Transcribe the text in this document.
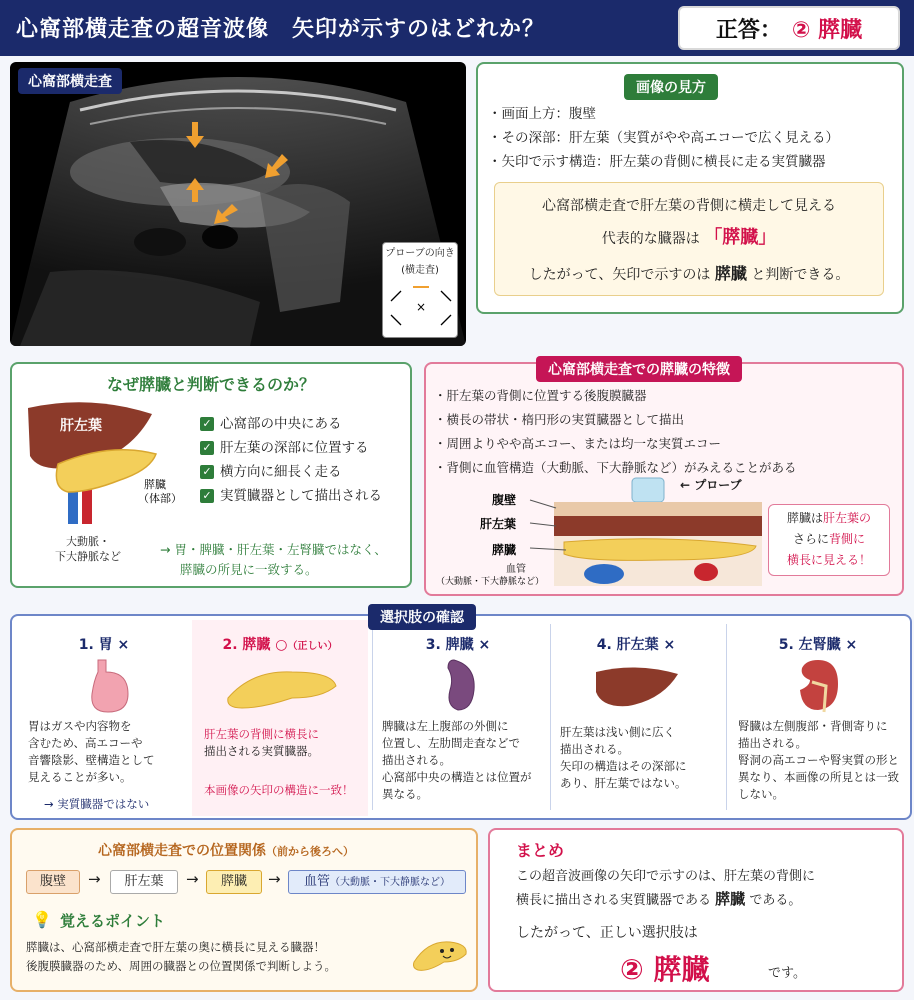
心窩部横走査の超音波像　矢印が示すのはどれか？	正答： ② 膵臓
心窩部横走査
プローブの向き
(横走査)
×
画像の見方
・ 画面上方：腹壁
・ その深部：肝左葉（実質がやや高エコーで広く見える）
・ 矢印で示す構造：肝左葉の背側に横長に走る実質臓器
心窩部横走査で肝左葉の背側に横走して見える
代表的な臓器は 「膵臓」
したがって、矢印で示すのは 膵臓 と判断できる。
なぜ膵臓と判断できるのか？
肝左葉
膵臓
（体部）
大動脈・
下大静脈など
✓ 心窩部の中央にある
✓ 肝左葉の深部に位置する
✓ 横方向に細長く走る
✓ 実質臓器として描出される
→ 胃・脾臓・肝左葉・左腎臓ではなく、
膵臓の所見に一致する。
心窩部横走査での膵臓の特徴
・ 肝左葉の背側に位置する後腹膜臓器
・ 横長の帯状・楕円形の実質臓器として描出
・ 周囲よりやや高エコー、または均一な実質エコー
・ 背側に血管構造（大動脈、下大静脈など）がみえることがある
腹壁
肝左葉
膵臓
血管
（大動脈・下大静脈など）
← プローブ
膵臓は肝左葉の
さらに背側に
横長に見える！
1. 胃 ×
胃はガスや内容物を
含むため、高エコーや
音響陰影、壁構造として
見えることが多い。
→ 実質臓器ではない
2. 膵臓 ○（正しい）
肝左葉の背側に横長に
描出される実質臓器。
本画像の矢印の構造に一致！
3. 脾臓 ×
脾臓は左上腹部の外側に
位置し、左肋間走査などで
描出される。
心窩部中央の構造とは位置が
異なる。
4. 肝左葉 ×
肝左葉は浅い側に広く
描出される。
矢印の構造はその深部に
あり、肝左葉ではない。
5. 左腎臓 ×
腎臓は左側腹部・背側寄りに
描出される。
腎洞の高エコーや腎実質の形と
異なり、本画像の所見とは一致
しない。
選択肢の確認
心窩部横走査での位置関係（前から後ろへ）
腹壁	→	肝左葉	→	膵臓	→	血管（大動脈・下大静脈など）
💡 覚えるポイント
膵臓は、心窩部横走査で肝左葉の奥に横長に見える臓器！
後腹膜臓器のため、周囲の臓器との位置関係で判断しよう。
まとめ
この超音波画像の矢印で示すのは、肝左葉の背側に
横長に描出される実質臓器である 膵臓 である。
したがって、正しい選択肢は
② 膵臓	です。
